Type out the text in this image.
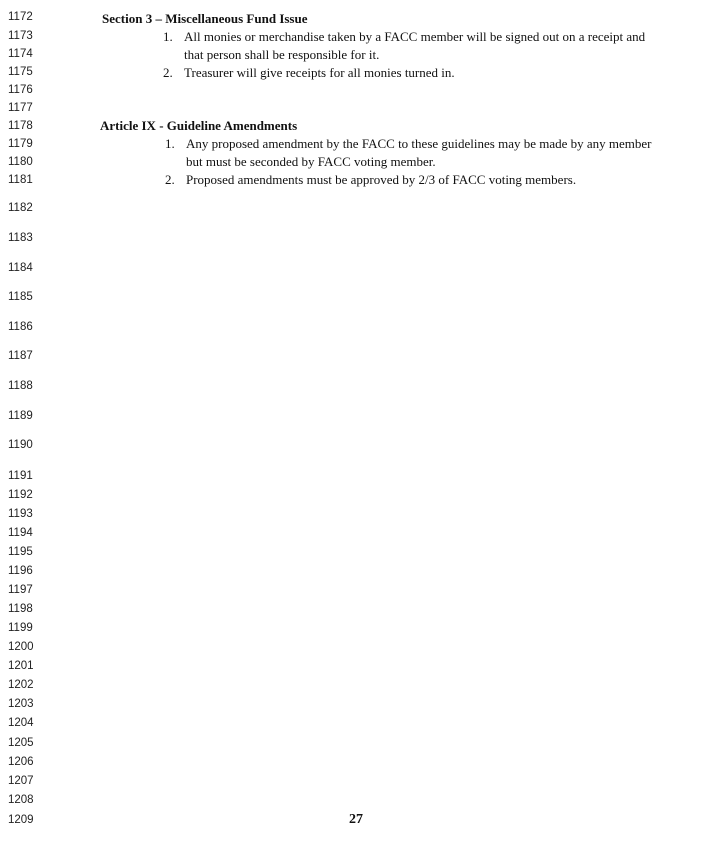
1172
1173
1174
1175
1176
1177
1178
1179
1180
1181
1182
1183
1184
1185
1186
1187
1188
1189
1190
1191
1192
1193
1194
1195
1196
1197
1198
1199
1200
1201
1202
1203
1204
1205
1206
1207
1208
1209
Section 3 – Miscellaneous Fund Issue
1. All monies or merchandise taken by a FACC member will be signed out on a receipt and
that person shall be responsible for it.
2. Treasurer will give receipts for all monies turned in.
Article IX - Guideline Amendments
1. Any proposed amendment by the FACC to these guidelines may be made by any member
but must be seconded by FACC voting member.
2. Proposed amendments must be approved by 2/3 of FACC voting members.
27
